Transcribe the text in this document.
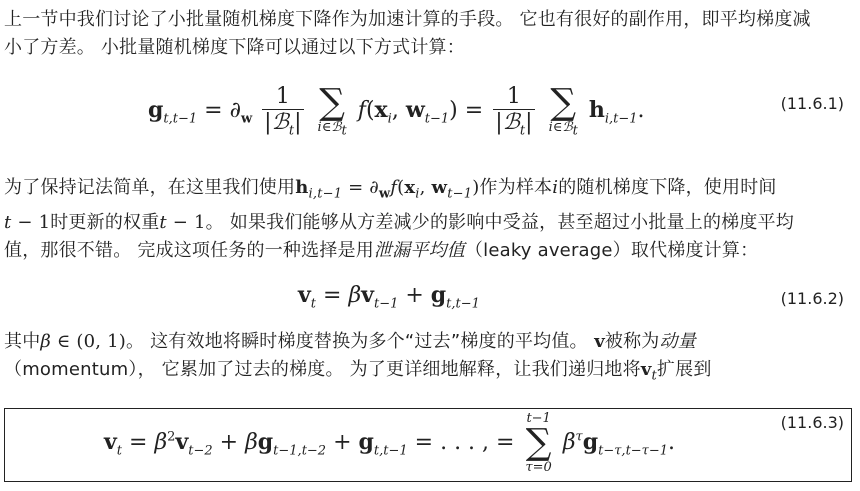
上一节中我们讨论了小批量随机梯度下降作为加速计算的手段。 它也有很好的副作用，即平均梯度减
小了方差。 小批量随机梯度下降可以通过以下方式计算：
$g_{t,t-1} = \partial_w \frac{1}{|ℬ_t|}$
∑
i∈ℬ$_t$
$f(x_i$, $w_{t-1}) = \frac{1}{|ℬ_t|}$
∑
i∈ℬ$_t$
$h_{i,t-1}$.	(11.6.1)
为了保持记法简单，在这里我们使用$h_{i,t-1} = \partial_wf(x_i$, $w_{t-1}$)作为样本i的随机梯度下降，使用时间
t − 1时更新的权重t − 1。 如果我们能够从方差减少的影响中受益，甚至超过小批量上的梯度平均
值，那很不错。 完成这项任务的一种选择是用泄漏平均值（leaky average）取代梯度计算：
$v_t = \beta v_{t-1} + g_{t,t-1}$	(11.6.2)
其中β ∈ (0, 1)。 这有效地将瞬时梯度替换为多个“过去”梯度的平均值。 v被称为动量
（momentum）， 它累加了过去的梯度。 为了更详细地解释，让我们递归地将$v_t$扩展到
$v_t = \beta^2v_{t-2} + \beta g_{t-1,t-2} + g_{t,t-1}$ = . . . , =
t−1
∑
τ=0
$\beta^\tau g_{t-\tau,t-\tau-1}$.
(11.6.3)
